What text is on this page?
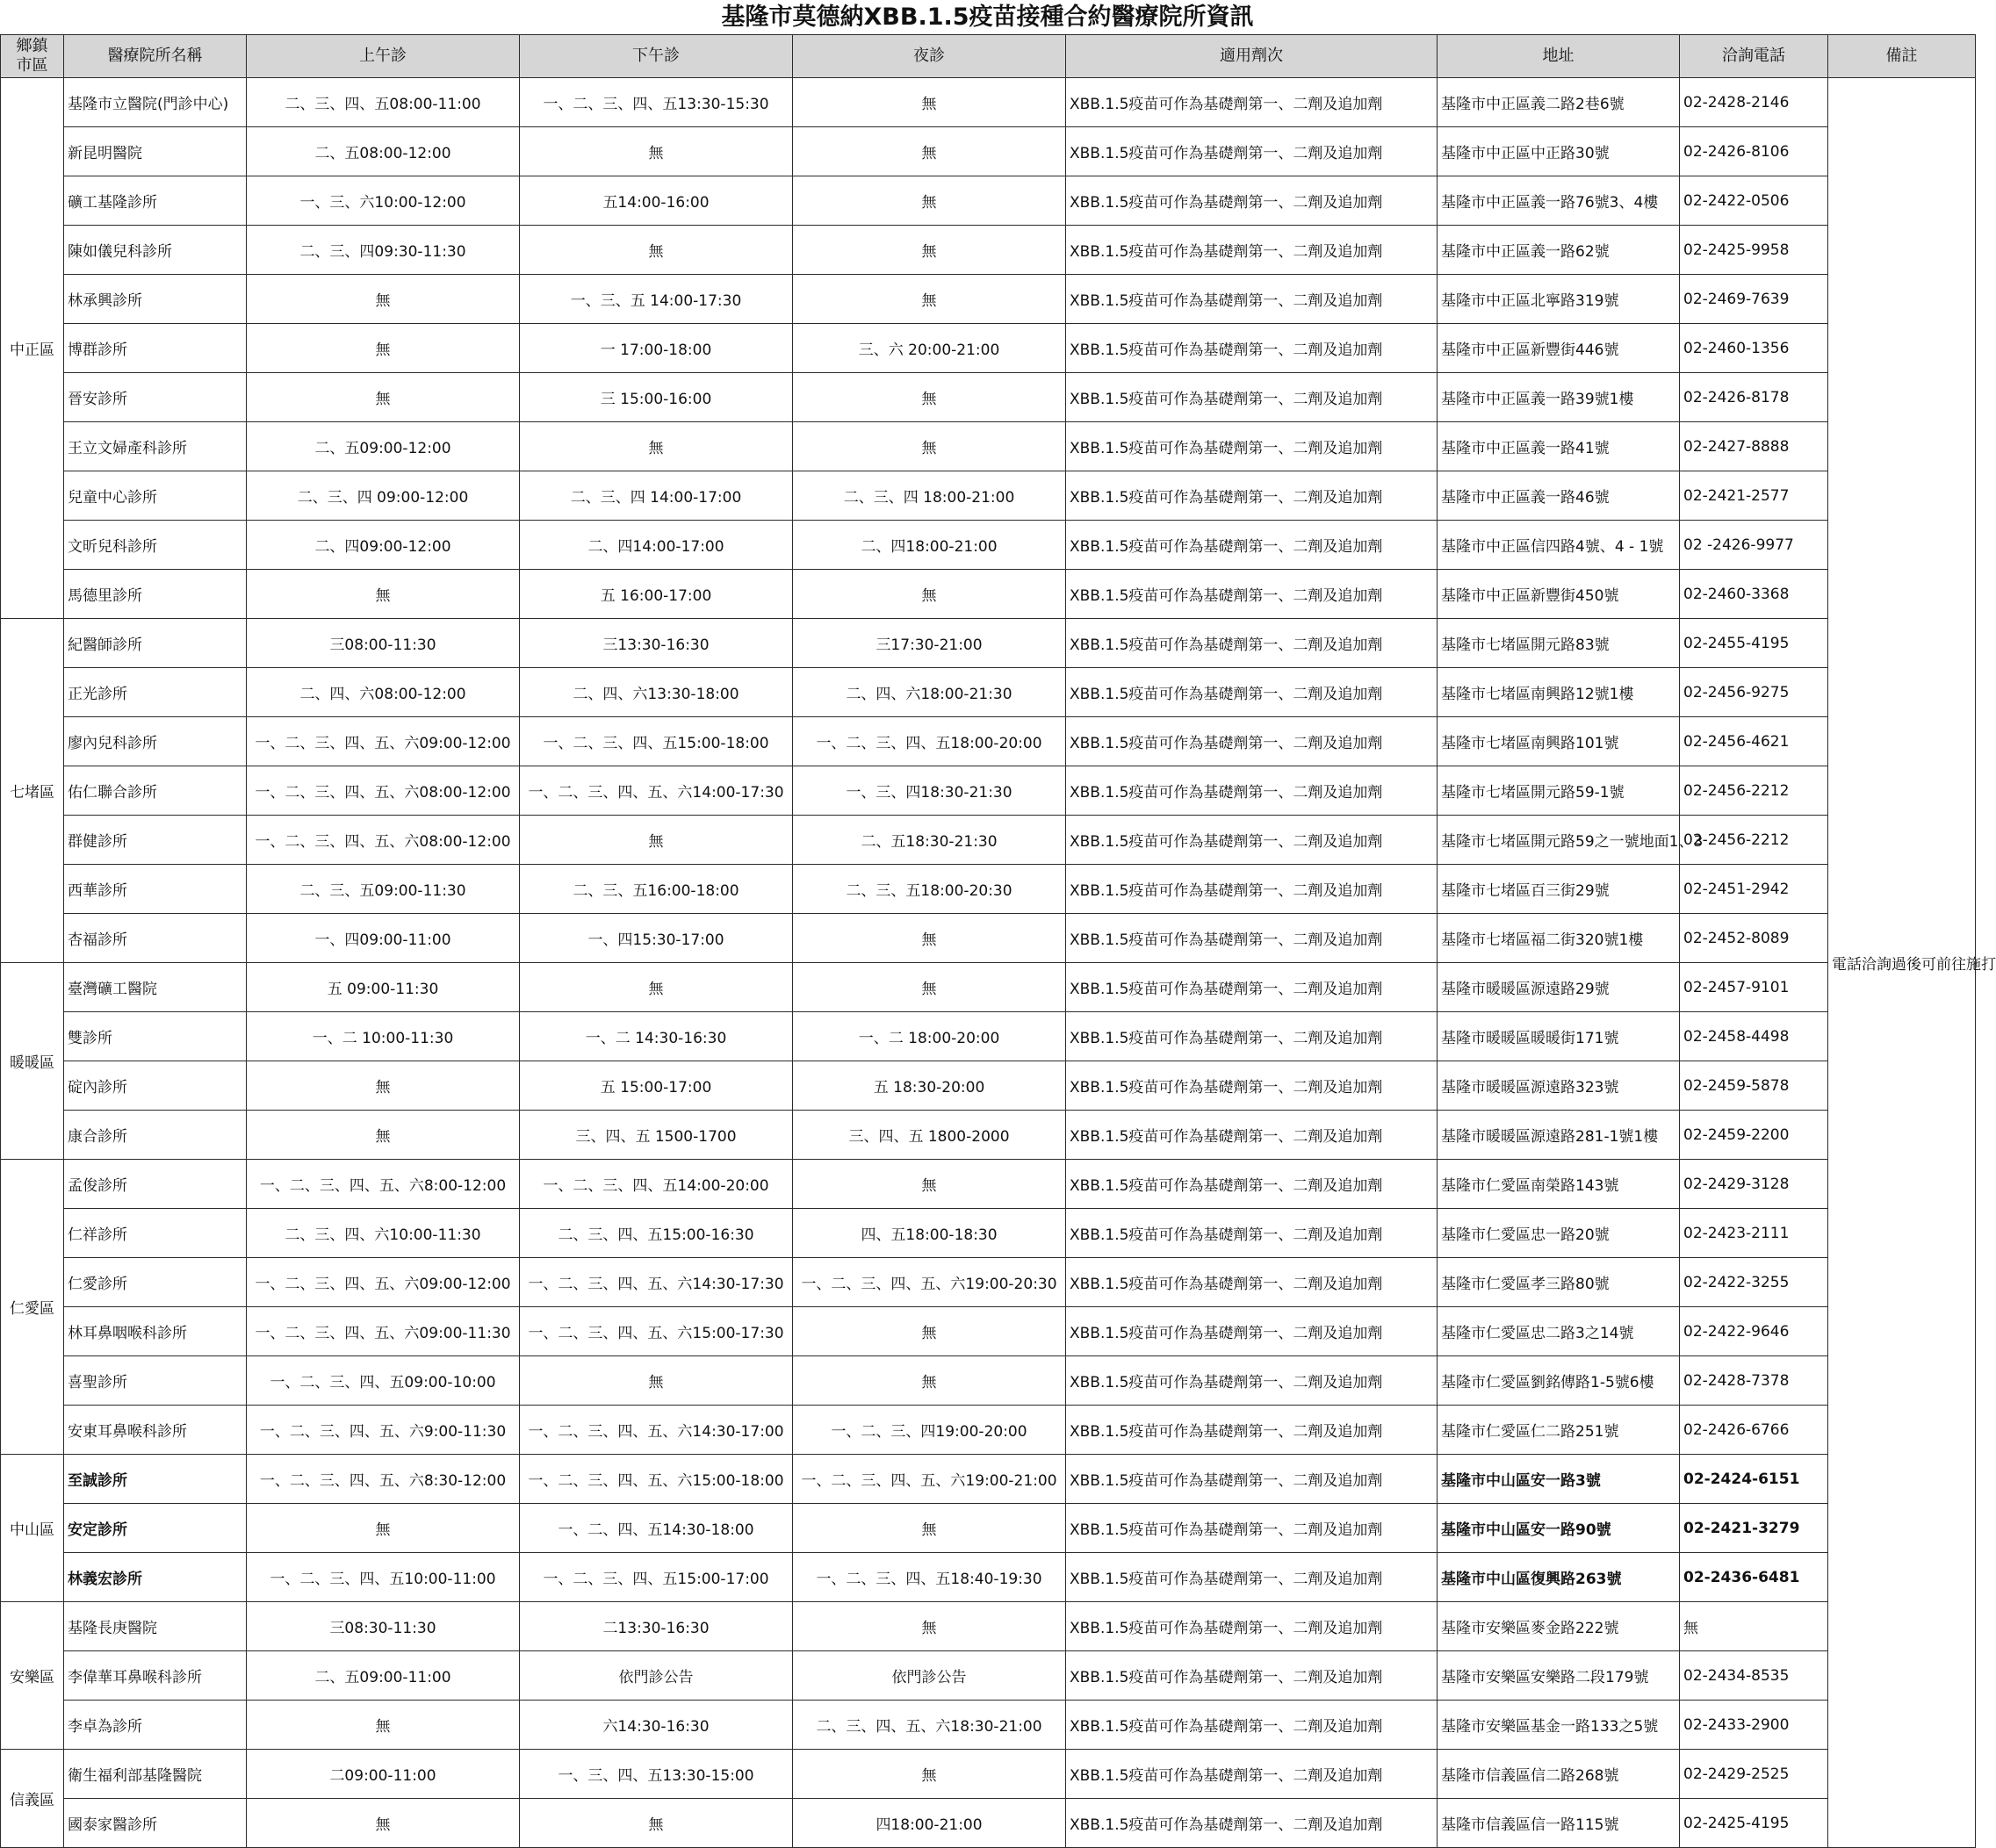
基隆市莫德納XBB.1.5疫苗接種合約醫療院所資訊
鄉鎮
市區	醫療院所名稱	上午診	下午診	夜診	適用劑次	地址	洽詢電話	備註
中正區	基隆市立醫院(門診中心)	二、三、四、五08:00-11:00	一、二、三、四、五13:30-15:30	無	XBB.1.5疫苗可作為基礎劑第一、二劑及追加劑	基隆市中正區義二路2巷6號	02-2428-2146	電話洽詢過後可前往施打

	新昆明醫院	二、五08:00-12:00	無	無	XBB.1.5疫苗可作為基礎劑第一、二劑及追加劑	基隆市中正區中正路30號	02-2426-8106	
	礦工基隆診所	一、三、六10:00-12:00	五14:00-16:00	無	XBB.1.5疫苗可作為基礎劑第一、二劑及追加劑	基隆市中正區義一路76號3、4樓	02-2422-0506	
	陳如儀兒科診所	二、三、四09:30-11:30	無	無	XBB.1.5疫苗可作為基礎劑第一、二劑及追加劑	基隆市中正區義一路62號	02-2425-9958	
	林承興診所	無	一、三、五 14:00-17:30	無	XBB.1.5疫苗可作為基礎劑第一、二劑及追加劑	基隆市中正區北寧路319號	02-2469-7639	
	博群診所	無	一 17:00-18:00	三、六 20:00-21:00	XBB.1.5疫苗可作為基礎劑第一、二劑及追加劑	基隆市中正區新豐街446號	02-2460-1356	
	晉安診所	無	三 15:00-16:00	無	XBB.1.5疫苗可作為基礎劑第一、二劑及追加劑	基隆市中正區義一路39號1樓	02-2426-8178	
	王立文婦產科診所	二、五09:00-12:00	無	無	XBB.1.5疫苗可作為基礎劑第一、二劑及追加劑	基隆市中正區義一路41號	02-2427-8888	
	兒童中心診所	二、三、四 09:00-12:00	二、三、四 14:00-17:00	二、三、四 18:00-21:00	XBB.1.5疫苗可作為基礎劑第一、二劑及追加劑	基隆市中正區義一路46號	02-2421-2577	
	文昕兒科診所	二、四09:00-12:00	二、四14:00-17:00	二、四18:00-21:00	XBB.1.5疫苗可作為基礎劑第一、二劑及追加劑	基隆市中正區信四路4號、4 - 1號	02 -2426-9977	
	馬德里診所	無	五 16:00-17:00	無	XBB.1.5疫苗可作為基礎劑第一、二劑及追加劑	基隆市中正區新豐街450號	02-2460-3368	
七堵區	紀醫師診所	三08:00-11:30	三13:30-16:30	三17:30-21:00	XBB.1.5疫苗可作為基礎劑第一、二劑及追加劑	基隆市七堵區開元路83號	02-2455-4195	
	正光診所	二、四、六08:00-12:00	二、四、六13:30-18:00	二、四、六18:00-21:30	XBB.1.5疫苗可作為基礎劑第一、二劑及追加劑	基隆市七堵區南興路12號1樓	02-2456-9275	
	廖內兒科診所	一、二、三、四、五、六09:00-12:00	一、二、三、四、五15:00-18:00	一、二、三、四、五18:00-20:00	XBB.1.5疫苗可作為基礎劑第一、二劑及追加劑	基隆市七堵區南興路101號	02-2456-4621	
	佑仁聯合診所	一、二、三、四、五、六08:00-12:00	一、二、三、四、五、六14:00-17:30	一、三、四18:30-21:30	XBB.1.5疫苗可作為基礎劑第一、二劑及追加劑	基隆市七堵區開元路59-1號	02-2456-2212	
	群健診所	一、二、三、四、五、六08:00-12:00	無	二、五18:30-21:30	XBB.1.5疫苗可作為基礎劑第一、二劑及追加劑	基隆市七堵區開元路59之一號地面1、3	02-2456-2212	
	西華診所	二、三、五09:00-11:30	二、三、五16:00-18:00	二、三、五18:00-20:30	XBB.1.5疫苗可作為基礎劑第一、二劑及追加劑	基隆市七堵區百三街29號	02-2451-2942	
	杏福診所	一、四09:00-11:00	一、四15:30-17:00	無	XBB.1.5疫苗可作為基礎劑第一、二劑及追加劑	基隆市七堵區福二街320號1樓	02-2452-8089	
暖暖區	臺灣礦工醫院	五 09:00-11:30	無	無	XBB.1.5疫苗可作為基礎劑第一、二劑及追加劑	基隆市暖暖區源遠路29號	02-2457-9101	
	雙診所	一、二 10:00-11:30	一、二 14:30-16:30	一、二 18:00-20:00	XBB.1.5疫苗可作為基礎劑第一、二劑及追加劑	基隆市暖暖區暖暖街171號	02-2458-4498	
	碇內診所	無	五 15:00-17:00	五 18:30-20:00	XBB.1.5疫苗可作為基礎劑第一、二劑及追加劑	基隆市暖暖區源遠路323號	02-2459-5878	
	康合診所	無	三、四、五 1500-1700	三、四、五 1800-2000	XBB.1.5疫苗可作為基礎劑第一、二劑及追加劑	基隆市暖暖區源遠路281-1號1樓	02-2459-2200	
仁愛區	孟俊診所	一、二、三、四、五、六8:00-12:00	一、二、三、四、五14:00-20:00	無	XBB.1.5疫苗可作為基礎劑第一、二劑及追加劑	基隆市仁愛區南榮路143號	02-2429-3128	
	仁祥診所	二、三、四、六10:00-11:30	二、三、四、五15:00-16:30	四、五18:00-18:30	XBB.1.5疫苗可作為基礎劑第一、二劑及追加劑	基隆市仁愛區忠一路20號	02-2423-2111	
	仁愛診所	一、二、三、四、五、六09:00-12:00	一、二、三、四、五、六14:30-17:30	一、二、三、四、五、六19:00-20:30	XBB.1.5疫苗可作為基礎劑第一、二劑及追加劑	基隆市仁愛區孝三路80號	02-2422-3255	
	林耳鼻咽喉科診所	一、二、三、四、五、六09:00-11:30	一、二、三、四、五、六15:00-17:30	無	XBB.1.5疫苗可作為基礎劑第一、二劑及追加劑	基隆市仁愛區忠二路3之14號	02-2422-9646	
	喜聖診所	一、二、三、四、五09:00-10:00	無	無	XBB.1.5疫苗可作為基礎劑第一、二劑及追加劑	基隆市仁愛區劉銘傳路1-5號6樓	02-2428-7378	
	安東耳鼻喉科診所	一、二、三、四、五、六9:00-11:30	一、二、三、四、五、六14:30-17:00	一、二、三、四19:00-20:00	XBB.1.5疫苗可作為基礎劑第一、二劑及追加劑	基隆市仁愛區仁二路251號	02-2426-6766	
中山區	至誠診所	一、二、三、四、五、六8:30-12:00	一、二、三、四、五、六15:00-18:00	一、二、三、四、五、六19:00-21:00	XBB.1.5疫苗可作為基礎劑第一、二劑及追加劑	基隆市中山區安一路3號	02-2424-6151	
	安定診所	無	一、二、四、五14:30-18:00	無	XBB.1.5疫苗可作為基礎劑第一、二劑及追加劑	基隆市中山區安一路90號	02-2421-3279	
	林義宏診所	一、二、三、四、五10:00-11:00	一、二、三、四、五15:00-17:00	一、二、三、四、五18:40-19:30	XBB.1.5疫苗可作為基礎劑第一、二劑及追加劑	基隆市中山區復興路263號	02-2436-6481	
安樂區	基隆長庚醫院	三08:30-11:30	二13:30-16:30	無	XBB.1.5疫苗可作為基礎劑第一、二劑及追加劑	基隆市安樂區麥金路222號	無	
	李偉華耳鼻喉科診所	二、五09:00-11:00	依門診公告	依門診公告	XBB.1.5疫苗可作為基礎劑第一、二劑及追加劑	基隆市安樂區安樂路二段179號	02-2434-8535	
	李卓為診所	無	六14:30-16:30	二、三、四、五、六18:30-21:00	XBB.1.5疫苗可作為基礎劑第一、二劑及追加劑	基隆市安樂區基金一路133之5號	02-2433-2900	
信義區	衛生福利部基隆醫院	二09:00-11:00	一、三、四、五13:30-15:00	無	XBB.1.5疫苗可作為基礎劑第一、二劑及追加劑	基隆市信義區信二路268號	02-2429-2525	
	國泰家醫診所	無	無	四18:00-21:00	XBB.1.5疫苗可作為基礎劑第一、二劑及追加劑	基隆市信義區信一路115號	02-2425-4195	
